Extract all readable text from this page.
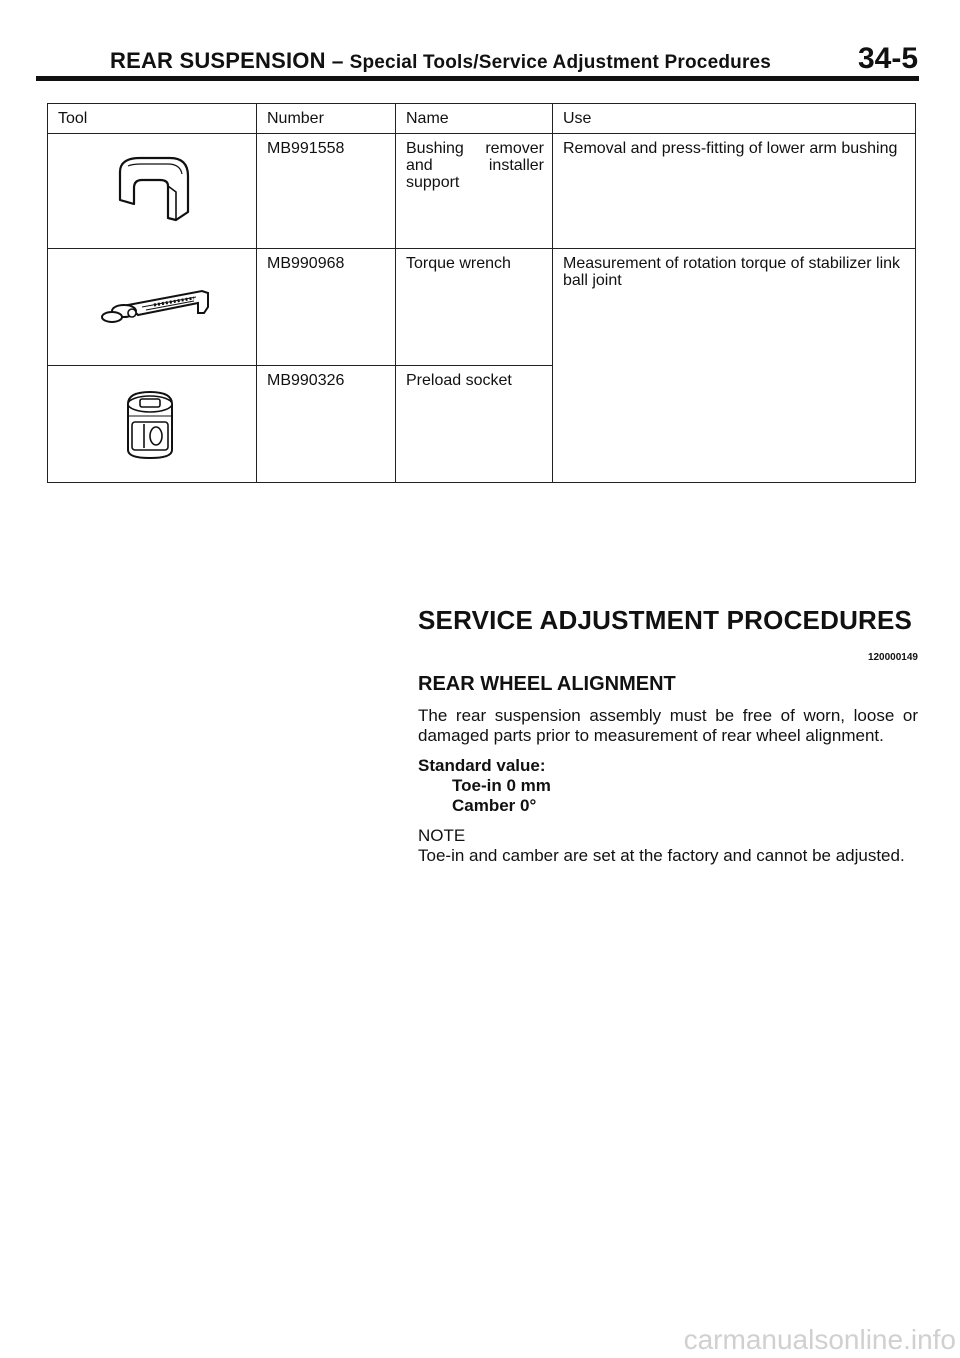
REAR SUSPENSION – Special Tools/Service Adjustment Procedures	34-5
Tool	Number	Name	Use

	MB991558	Bushing remover and installer support	Removal and press-fitting of lower arm bushing

	MB990968	Torque wrench	Measurement of rotation torque of stabilizer link ball joint

	MB990326	Preload socket	
SERVICE ADJUSTMENT PROCEDURES
120000149
REAR WHEEL ALIGNMENT
The rear suspension assembly must be free of worn, loose or damaged parts prior to measurement of rear wheel alignment.
Standard value:
Toe-in 0 mm
Camber 0°
NOTE
Toe-in and camber are set at the factory and cannot be adjusted.
carmanualsonline.info
